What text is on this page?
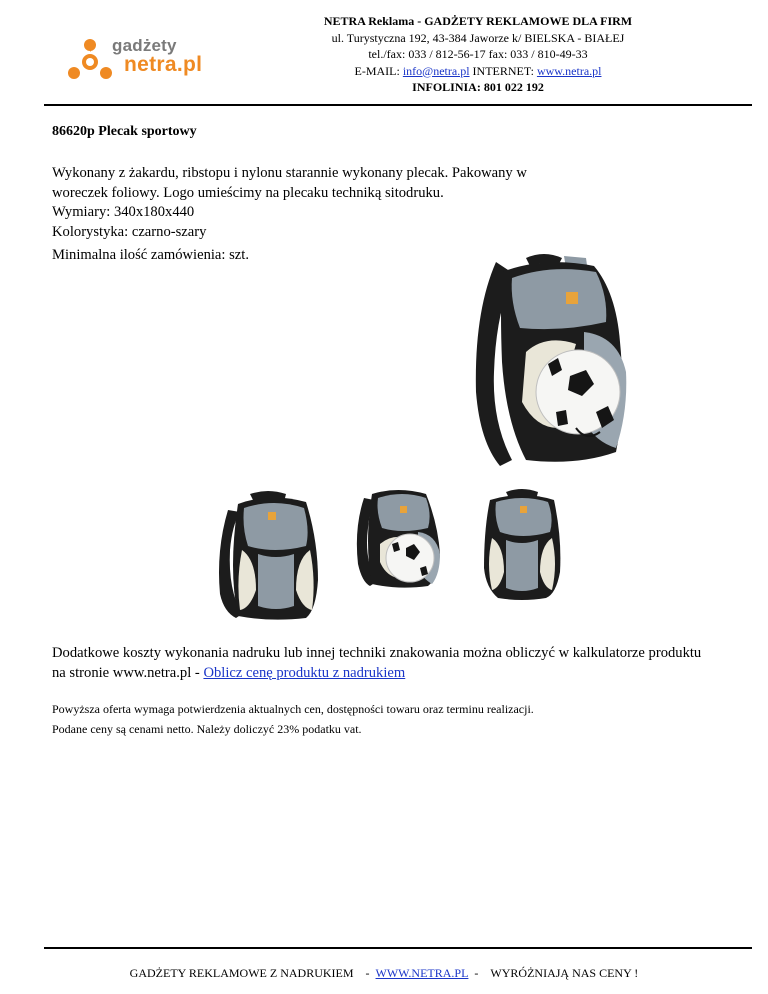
gadżety
netra.pl
NETRA Reklama - GADŻETY REKLAMOWE DLA FIRM
ul. Turystyczna 192, 43-384 Jaworze k/ BIELSKA - BIAŁEJ
tel./fax: 033 / 812-56-17 fax: 033 / 810-49-33
E-MAIL: info@netra.pl INTERNET: www.netra.pl
INFOLINIA: 801 022 192
86620p Plecak sportowy
Wykonany z żakardu, ribstopu i nylonu starannie wykonany plecak. Pakowany w
woreczek foliowy. Logo umieścimy na plecaku techniką sitodruku.
Wymiary: 340x180x440
Kolorystyka: czarno-szary
Minimalna ilość zamówienia: szt.
Dodatkowe koszty wykonania nadruku lub innej techniki znakowania można obliczyć w kalkulatorze produktu
na stronie www.netra.pl - Oblicz cenę produktu z nadrukiem
Powyższa oferta wymaga potwierdzenia aktualnych cen, dostępności towaru oraz terminu realizacji.
Podane ceny są cenami netto. Należy doliczyć 23% podatku vat.
GADŻETY REKLAMOWE Z NADRUKIEM - WWW.NETRA.PL - WYRÓŻNIAJĄ NAS CENY !
